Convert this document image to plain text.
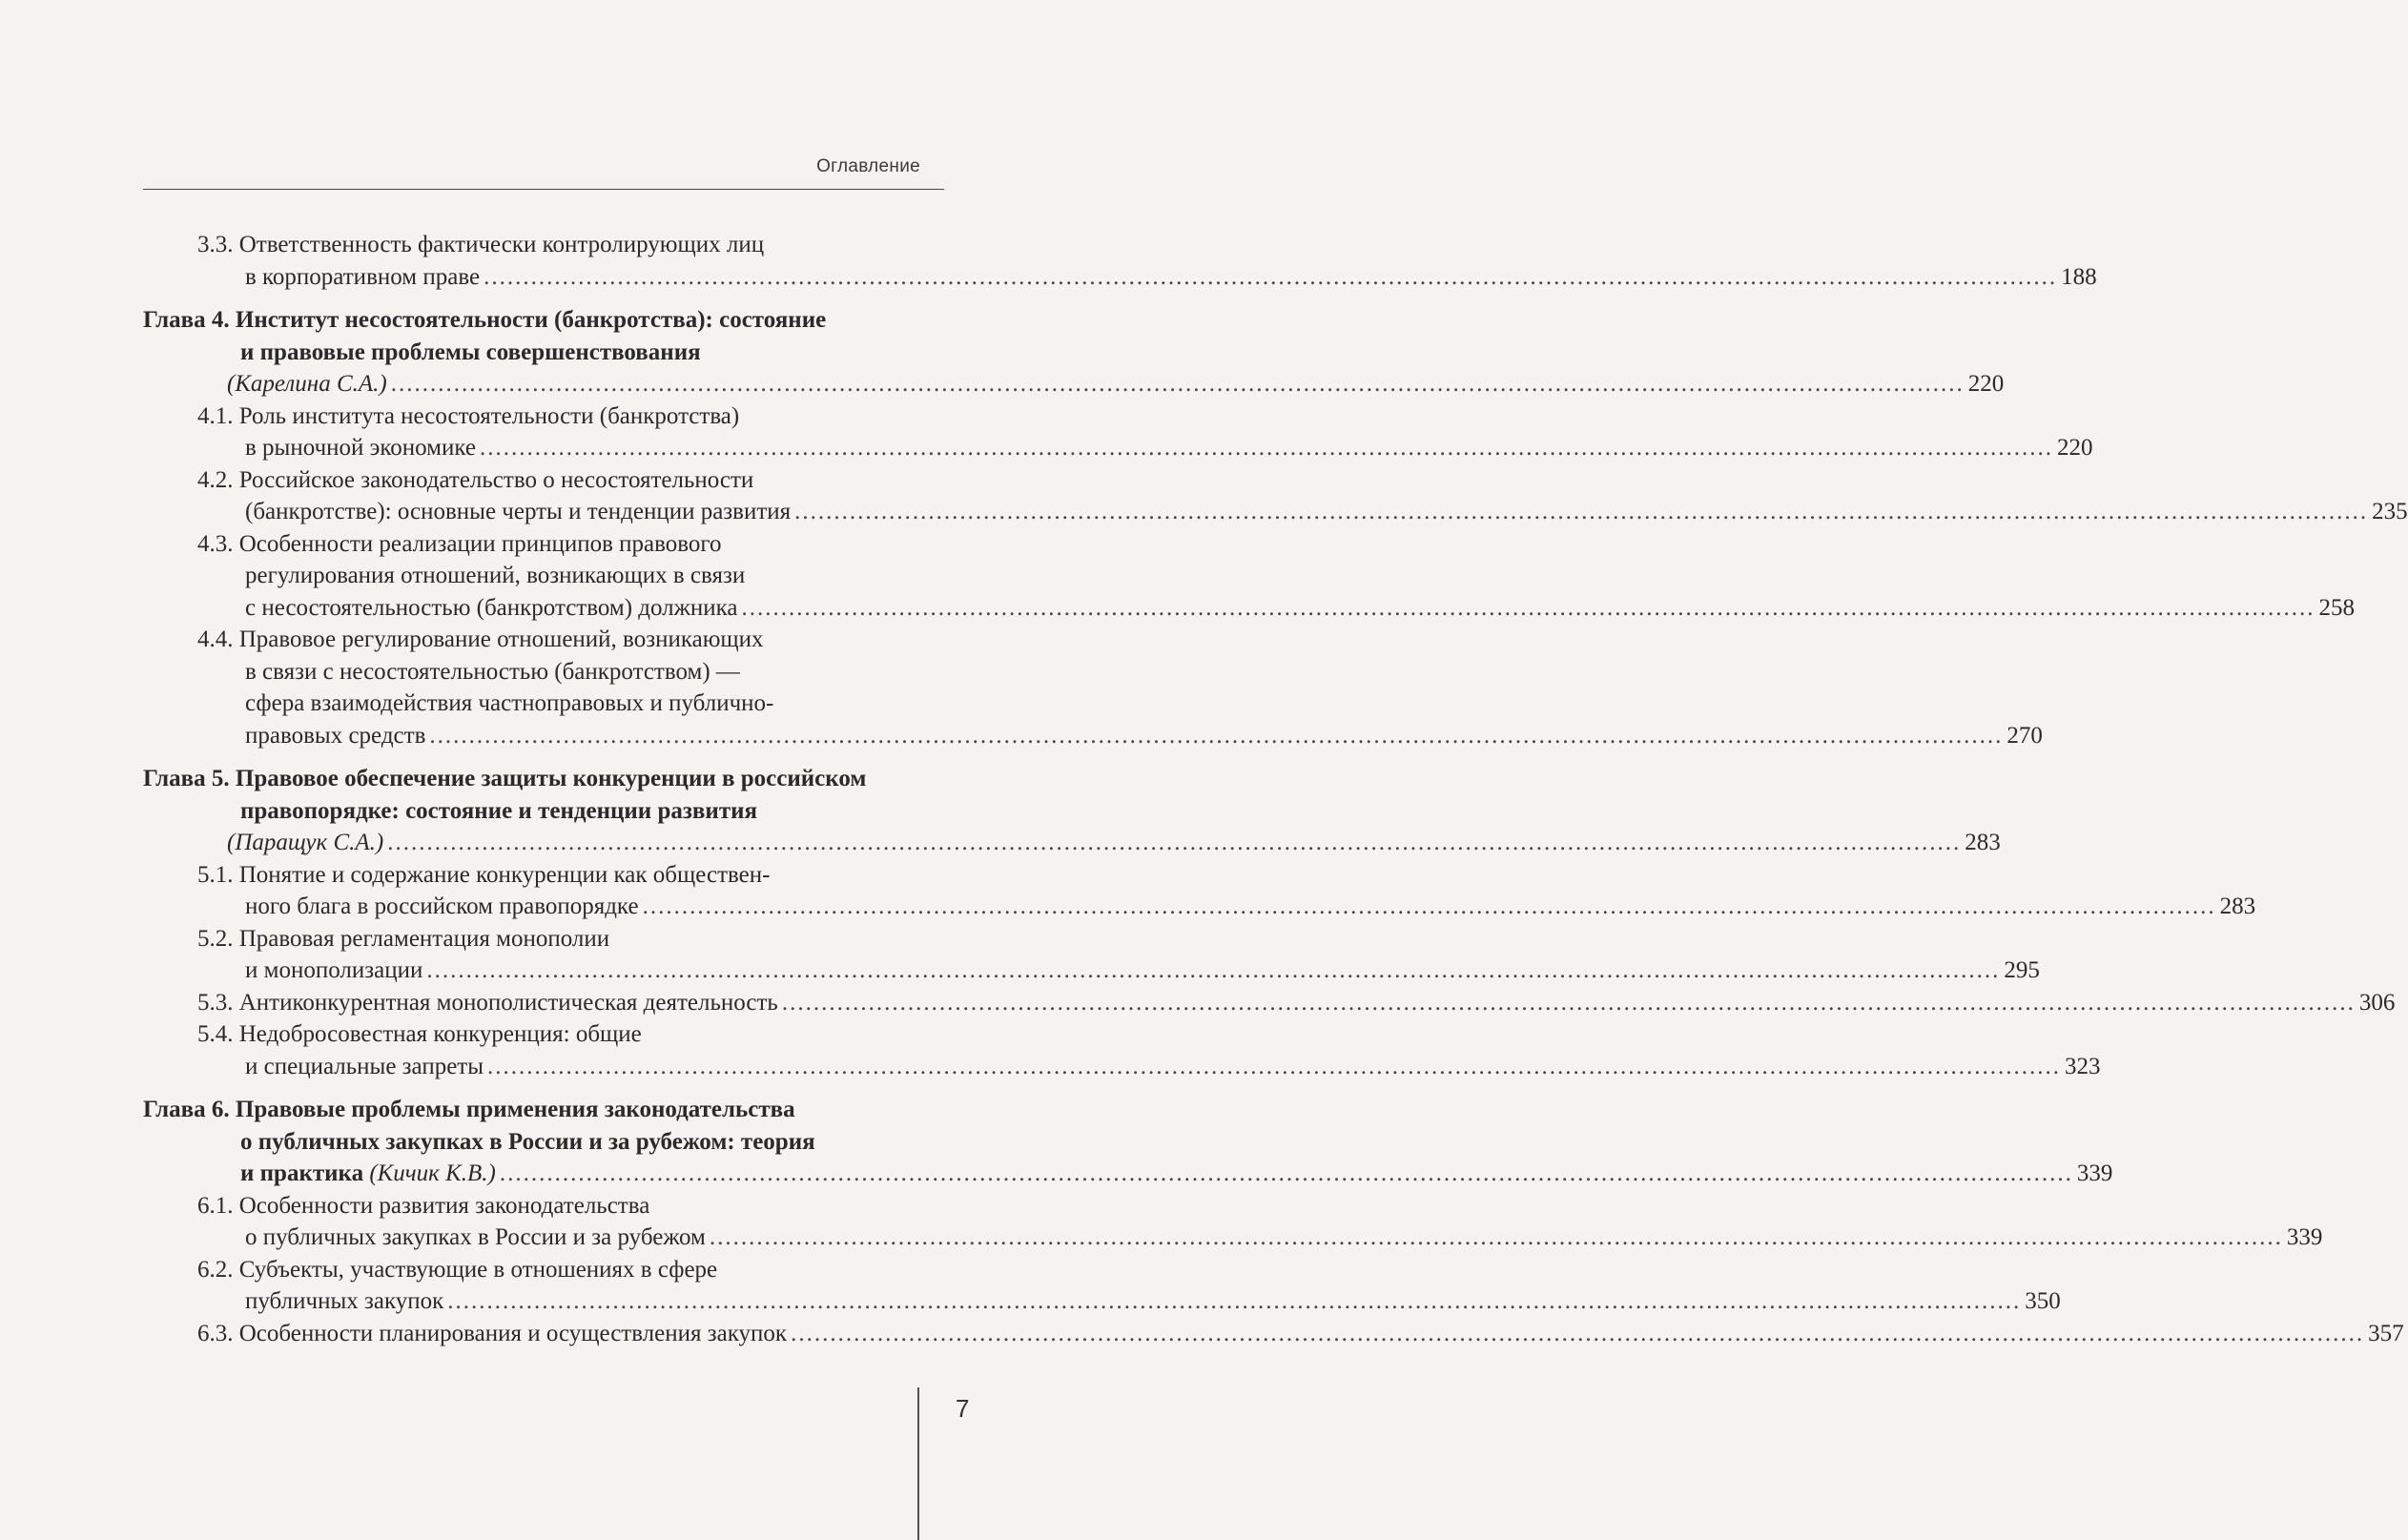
Оглавление
3.3. Ответственность фактически контролирующих лиц
в корпоративном праве ........................................................................................................................................................................................................ 188
Глава 4. Институт несостоятельности (банкротства): состояние
и правовые проблемы совершенствования
(Карелина С.А.) ........................................................................................................................................................................................................ 220
4.1. Роль института несостоятельности (банкротства)
в рыночной экономике ........................................................................................................................................................................................................ 220
4.2. Российское законодательство о несостоятельности
(банкротстве): основные черты и тенденции развития ........................................................................................................................................................................................................ 235
4.3. Особенности реализации принципов правового
регулирования отношений, возникающих в связи
с несостоятельностью (банкротством) должника ........................................................................................................................................................................................................ 258
4.4. Правовое регулирование отношений, возникающих
в связи с несостоятельностью (банкротством) —
сфера взаимодействия частноправовых и публично-
правовых средств ........................................................................................................................................................................................................ 270
Глава 5. Правовое обеспечение защиты конкуренции в российском
правопорядке: состояние и тенденции развития
(Паращук С.А.) ........................................................................................................................................................................................................ 283
5.1. Понятие и содержание конкуренции как обществен-
ного блага в российском правопорядке ........................................................................................................................................................................................................ 283
5.2. Правовая регламентация монополии
и монополизации ........................................................................................................................................................................................................ 295
5.3. Антиконкурентная монополистическая деятельность ........................................................................................................................................................................................................ 306
5.4. Недобросовестная конкуренция: общие
и специальные запреты ........................................................................................................................................................................................................ 323
Глава 6. Правовые проблемы применения законодательства
о публичных закупках в России и за рубежом: теория
и практика (Кичик К.В.) ........................................................................................................................................................................................................ 339
6.1. Особенности развития законодательства
о публичных закупках в России и за рубежом ........................................................................................................................................................................................................ 339
6.2. Субъекты, участвующие в отношениях в сфере
публичных закупок ........................................................................................................................................................................................................ 350
6.3. Особенности планирования и осуществления закупок ........................................................................................................................................................................................................ 357
7
